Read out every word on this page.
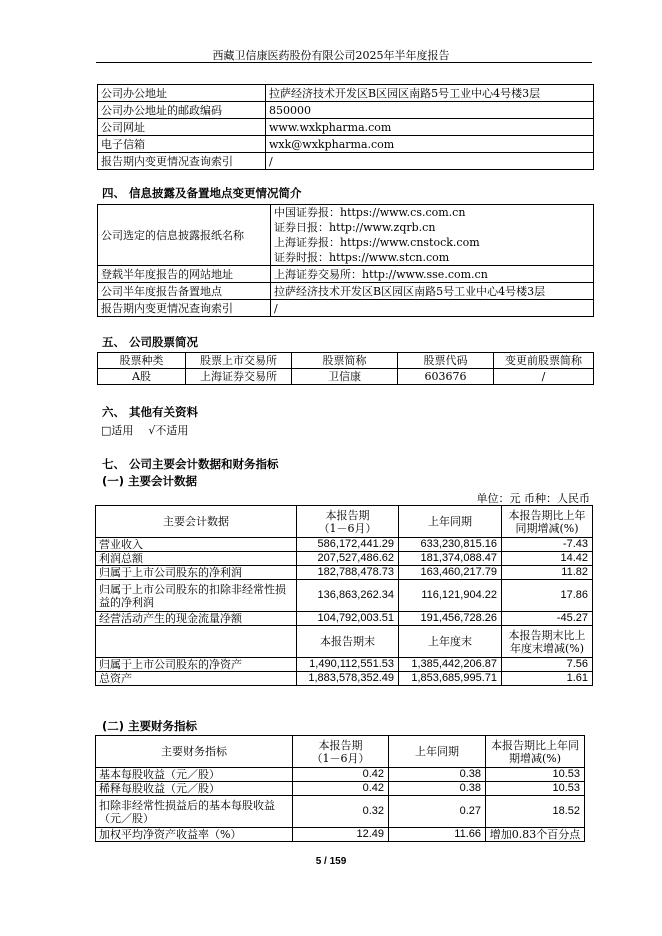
西藏卫信康医药股份有限公司2025年半年度报告
公司办公地址	拉萨经济技术开发区B区园区南路5号工业中心4号楼3层
公司办公地址的邮政编码	850000
公司网址	www.wxkpharma.com
电子信箱	wxk@wxkpharma.com
报告期内变更情况查询索引	/
四、 信息披露及备置地点变更情况简介
公司选定的信息披露报纸名称	中国证券报：https://www.cs.com.cn
证券日报：http://www.zqrb.cn
上海证券报：https://www.cnstock.com
证券时报：https://www.stcn.com

登载半年度报告的网站地址	上海证券交易所：http://www.sse.com.cn
公司半年度报告备置地点	拉萨经济技术开发区B区园区南路5号工业中心4号楼3层
报告期内变更情况查询索引	/
五、 公司股票简况
股票种类	股票上市交易所	股票简称	股票代码	变更前股票简称
A股	上海证券交易所	卫信康	603676	/
六、 其他有关资料
□适用 √不适用
七、 公司主要会计数据和财务指标
(一) 主要会计数据
单位：元 币种：人民币
主要会计数据	本报告期
（1－6月）	上年同期	本报告期比上年同期增减(%)
营业收入	586,172,441.29	633,230,815.16	-7.43
利润总额	207,527,486.62	181,374,088.47	14.42
归属于上市公司股东的净利润	182,788,478.73	163,460,217.79	11.82
归属于上市公司股东的扣除非经常性损益的净利润	136,863,262.34	116,121,904.22	17.86
经营活动产生的现金流量净额	104,792,003.51	191,456,728.26	-45.27
	本报告期末	上年度末	本报告期末比上年度末增减(%)
归属于上市公司股东的净资产	1,490,112,551.53	1,385,442,206.87	7.56
总资产	1,883,578,352.49	1,853,685,995.71	1.61
(二) 主要财务指标
主要财务指标	本报告期
（1－6月）	上年同期	本报告期比上年同期增减(%)
基本每股收益（元／股）	0.42	0.38	10.53
稀释每股收益（元／股）	0.42	0.38	10.53
扣除非经常性损益后的基本每股收益（元／股）	0.32	0.27	18.52
加权平均净资产收益率（%）	12.49	11.66	增加0.83个百分点
5 / 159
